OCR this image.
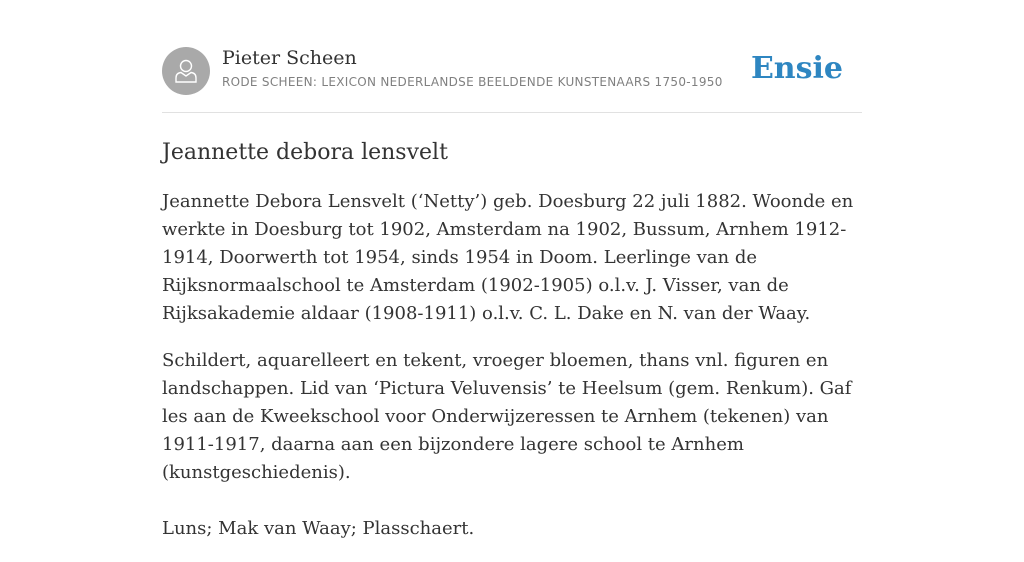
Pieter Scheen
RODE SCHEEN: LEXICON NEDERLANDSE BEELDENDE KUNSTENAARS 1750-1950 Ensie
Jeannette debora lensvelt

Jeannette Debora Lensvelt (‘Netty’) geb. Doesburg 22 juli 1882. Woonde en werkte in Doesburg tot 1902, Amsterdam na 1902, Bussum, Arnhem 1912-1914, Doorwerth tot 1954, sinds 1954 in Doom. Leerlinge van de Rijksnormaalschool te Amsterdam (1902-1905) o.l.v. J. Visser, van de Rijksakademie aldaar (1908-1911) o.l.v. C. L. Dake en N. van der Waay.

Schildert, aquarelleert en tekent, vroeger bloemen, thans vnl. figuren en landschappen. Lid van ‘Pictura Veluvensis’ te Heelsum (gem. Renkum). Gaf les aan de Kweekschool voor Onderwijzeressen te Arnhem (tekenen) van 1911-1917, daarna aan een bijzondere lagere school te Arnhem (kunstgeschiedenis).

Luns; Mak van Waay; Plasschaert.
